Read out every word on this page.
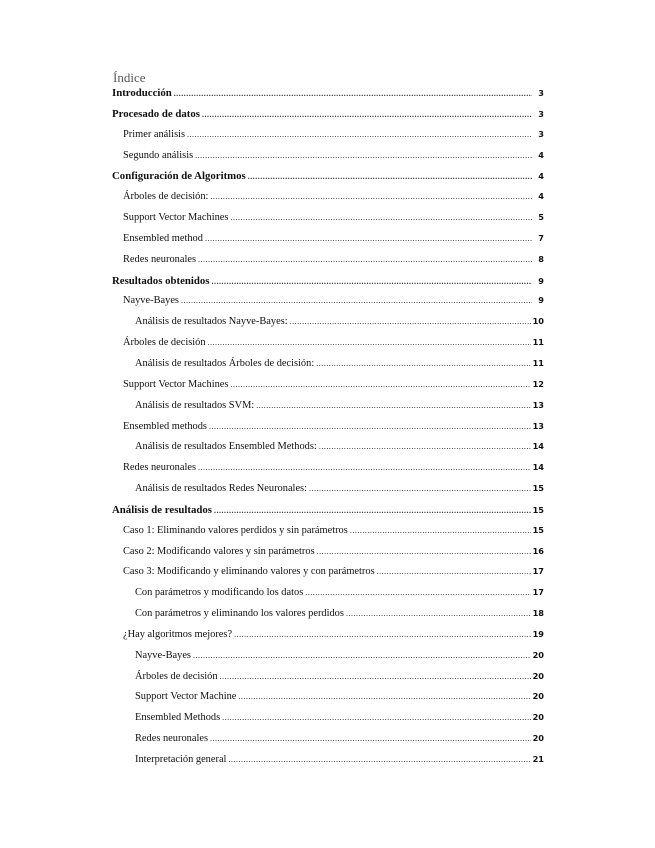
Índice
Introducción .....	3
Procesado de datos .....	3
Primer análisis .....	3
Segundo análisis .....	4
Configuración de Algoritmos .....	4
Árboles de decisión: .....	4
Support Vector Machines .....	5
Ensembled method .....	7
Redes neuronales .....	8
Resultados obtenidos .....	9
Nayve-Bayes .....	9
Análisis de resultados Nayve-Bayes: .....	10
Árboles de decisión .....	11
Análisis de resultados Árboles de decisión: .....	11
Support Vector Machines .....	12
Análisis de resultados SVM: .....	13
Ensembled methods .....	13
Análisis de resultados Ensembled Methods: .....	14
Redes neuronales .....	14
Análisis de resultados Redes Neuronales: .....	15
Análisis de resultados .....	15
Caso 1: Eliminando valores perdidos y sin parámetros .....	15
Caso 2: Modificando valores y sin parámetros .....	16
Caso 3: Modificando y eliminando valores y con parámetros .....	17
Con parámetros y modificando los datos .....	17
Con parámetros y eliminando los valores perdidos .....	18
¿Hay algoritmos mejores? .....	19
Nayve-Bayes .....	20
Árboles de decisión .....	20
Support Vector Machine .....	20
Ensembled Methods .....	20
Redes neuronales .....	20
Interpretación general .....	21
